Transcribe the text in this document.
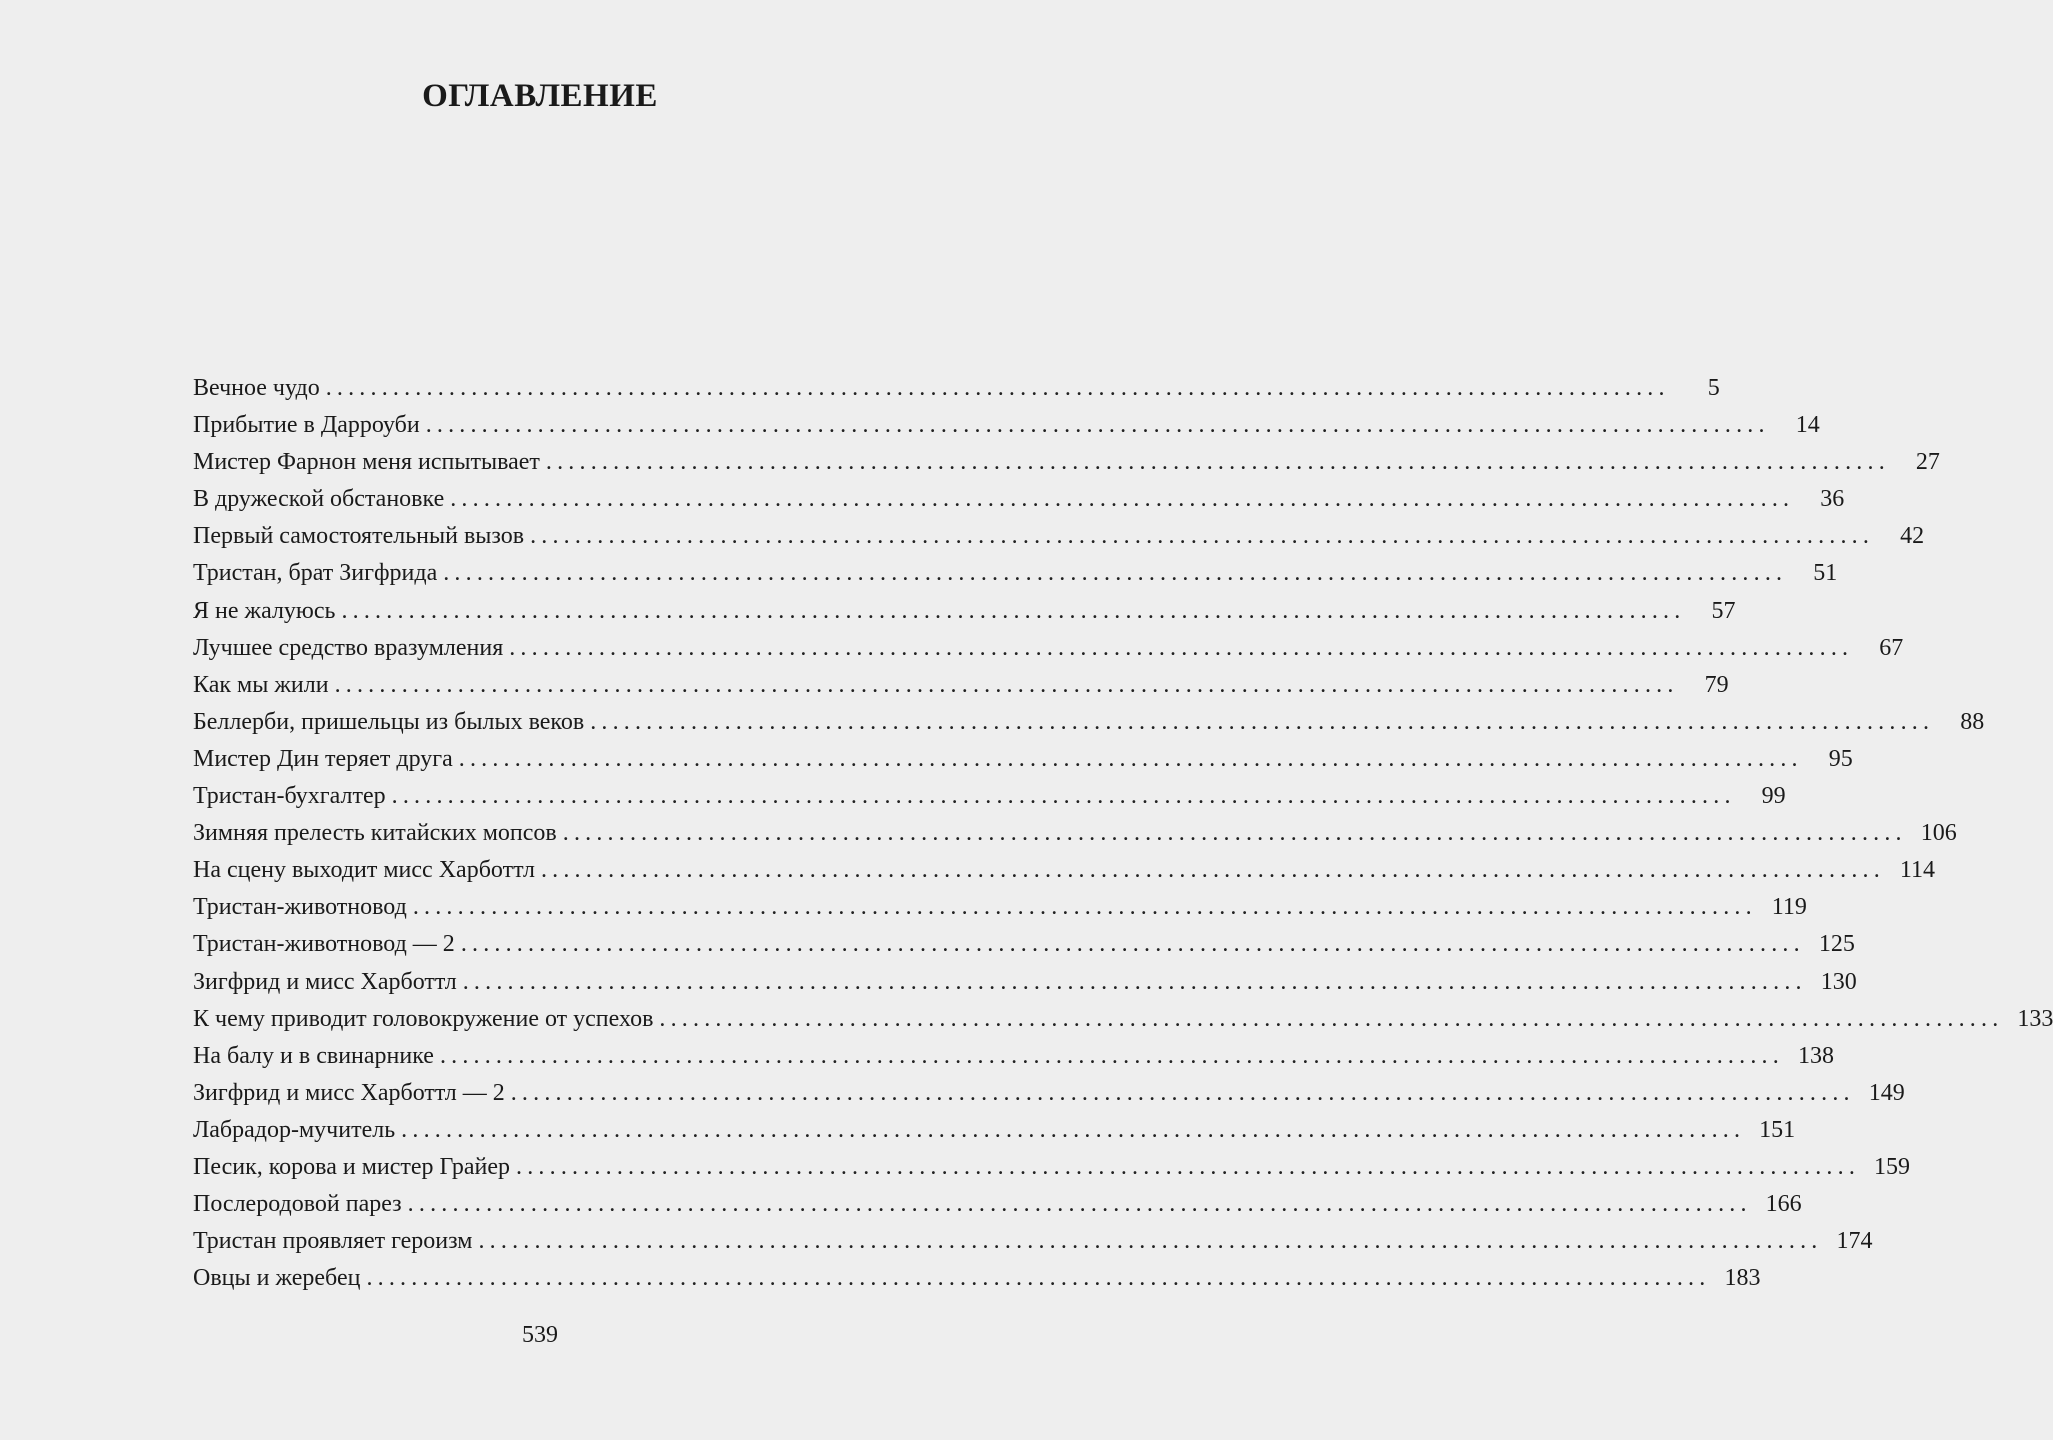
ОГЛАВЛЕНИЕ
Вечное чудо ........................................................................................................................	5
Прибытие в Дарроуби ........................................................................................................................	14
Мистер Фарнон меня испытывает ........................................................................................................................	27
В дружеской обстановке ........................................................................................................................	36
Первый самостоятельный вызов ........................................................................................................................	42
Тристан, брат Зигфрида ........................................................................................................................	51
Я не жалуюсь ........................................................................................................................	57
Лучшее средство вразумления ........................................................................................................................	67
Как мы жили ........................................................................................................................	79
Беллерби, пришельцы из былых веков ........................................................................................................................	88
Мистер Дин теряет друга ........................................................................................................................	95
Тристан-бухгалтер ........................................................................................................................	99
Зимняя прелесть китайских мопсов ........................................................................................................................ 106
На сцену выходит мисс Харботтл ........................................................................................................................ 114
Тристан-животновод ........................................................................................................................ 119
Тристан-животновод — 2 ........................................................................................................................ 125
Зигфрид и мисс Харботтл ........................................................................................................................ 130
К чему приводит головокружение от успехов ........................................................................................................................ 133
На балу и в свинарнике ........................................................................................................................ 138
Зигфрид и мисс Харботтл — 2 ........................................................................................................................ 149
Лабрадор-мучитель ........................................................................................................................ 151
Песик, корова и мистер Грайер ........................................................................................................................ 159
Послеродовой парез ........................................................................................................................ 166
Тристан проявляет героизм ........................................................................................................................ 174
Овцы и жеребец ........................................................................................................................ 183
539
